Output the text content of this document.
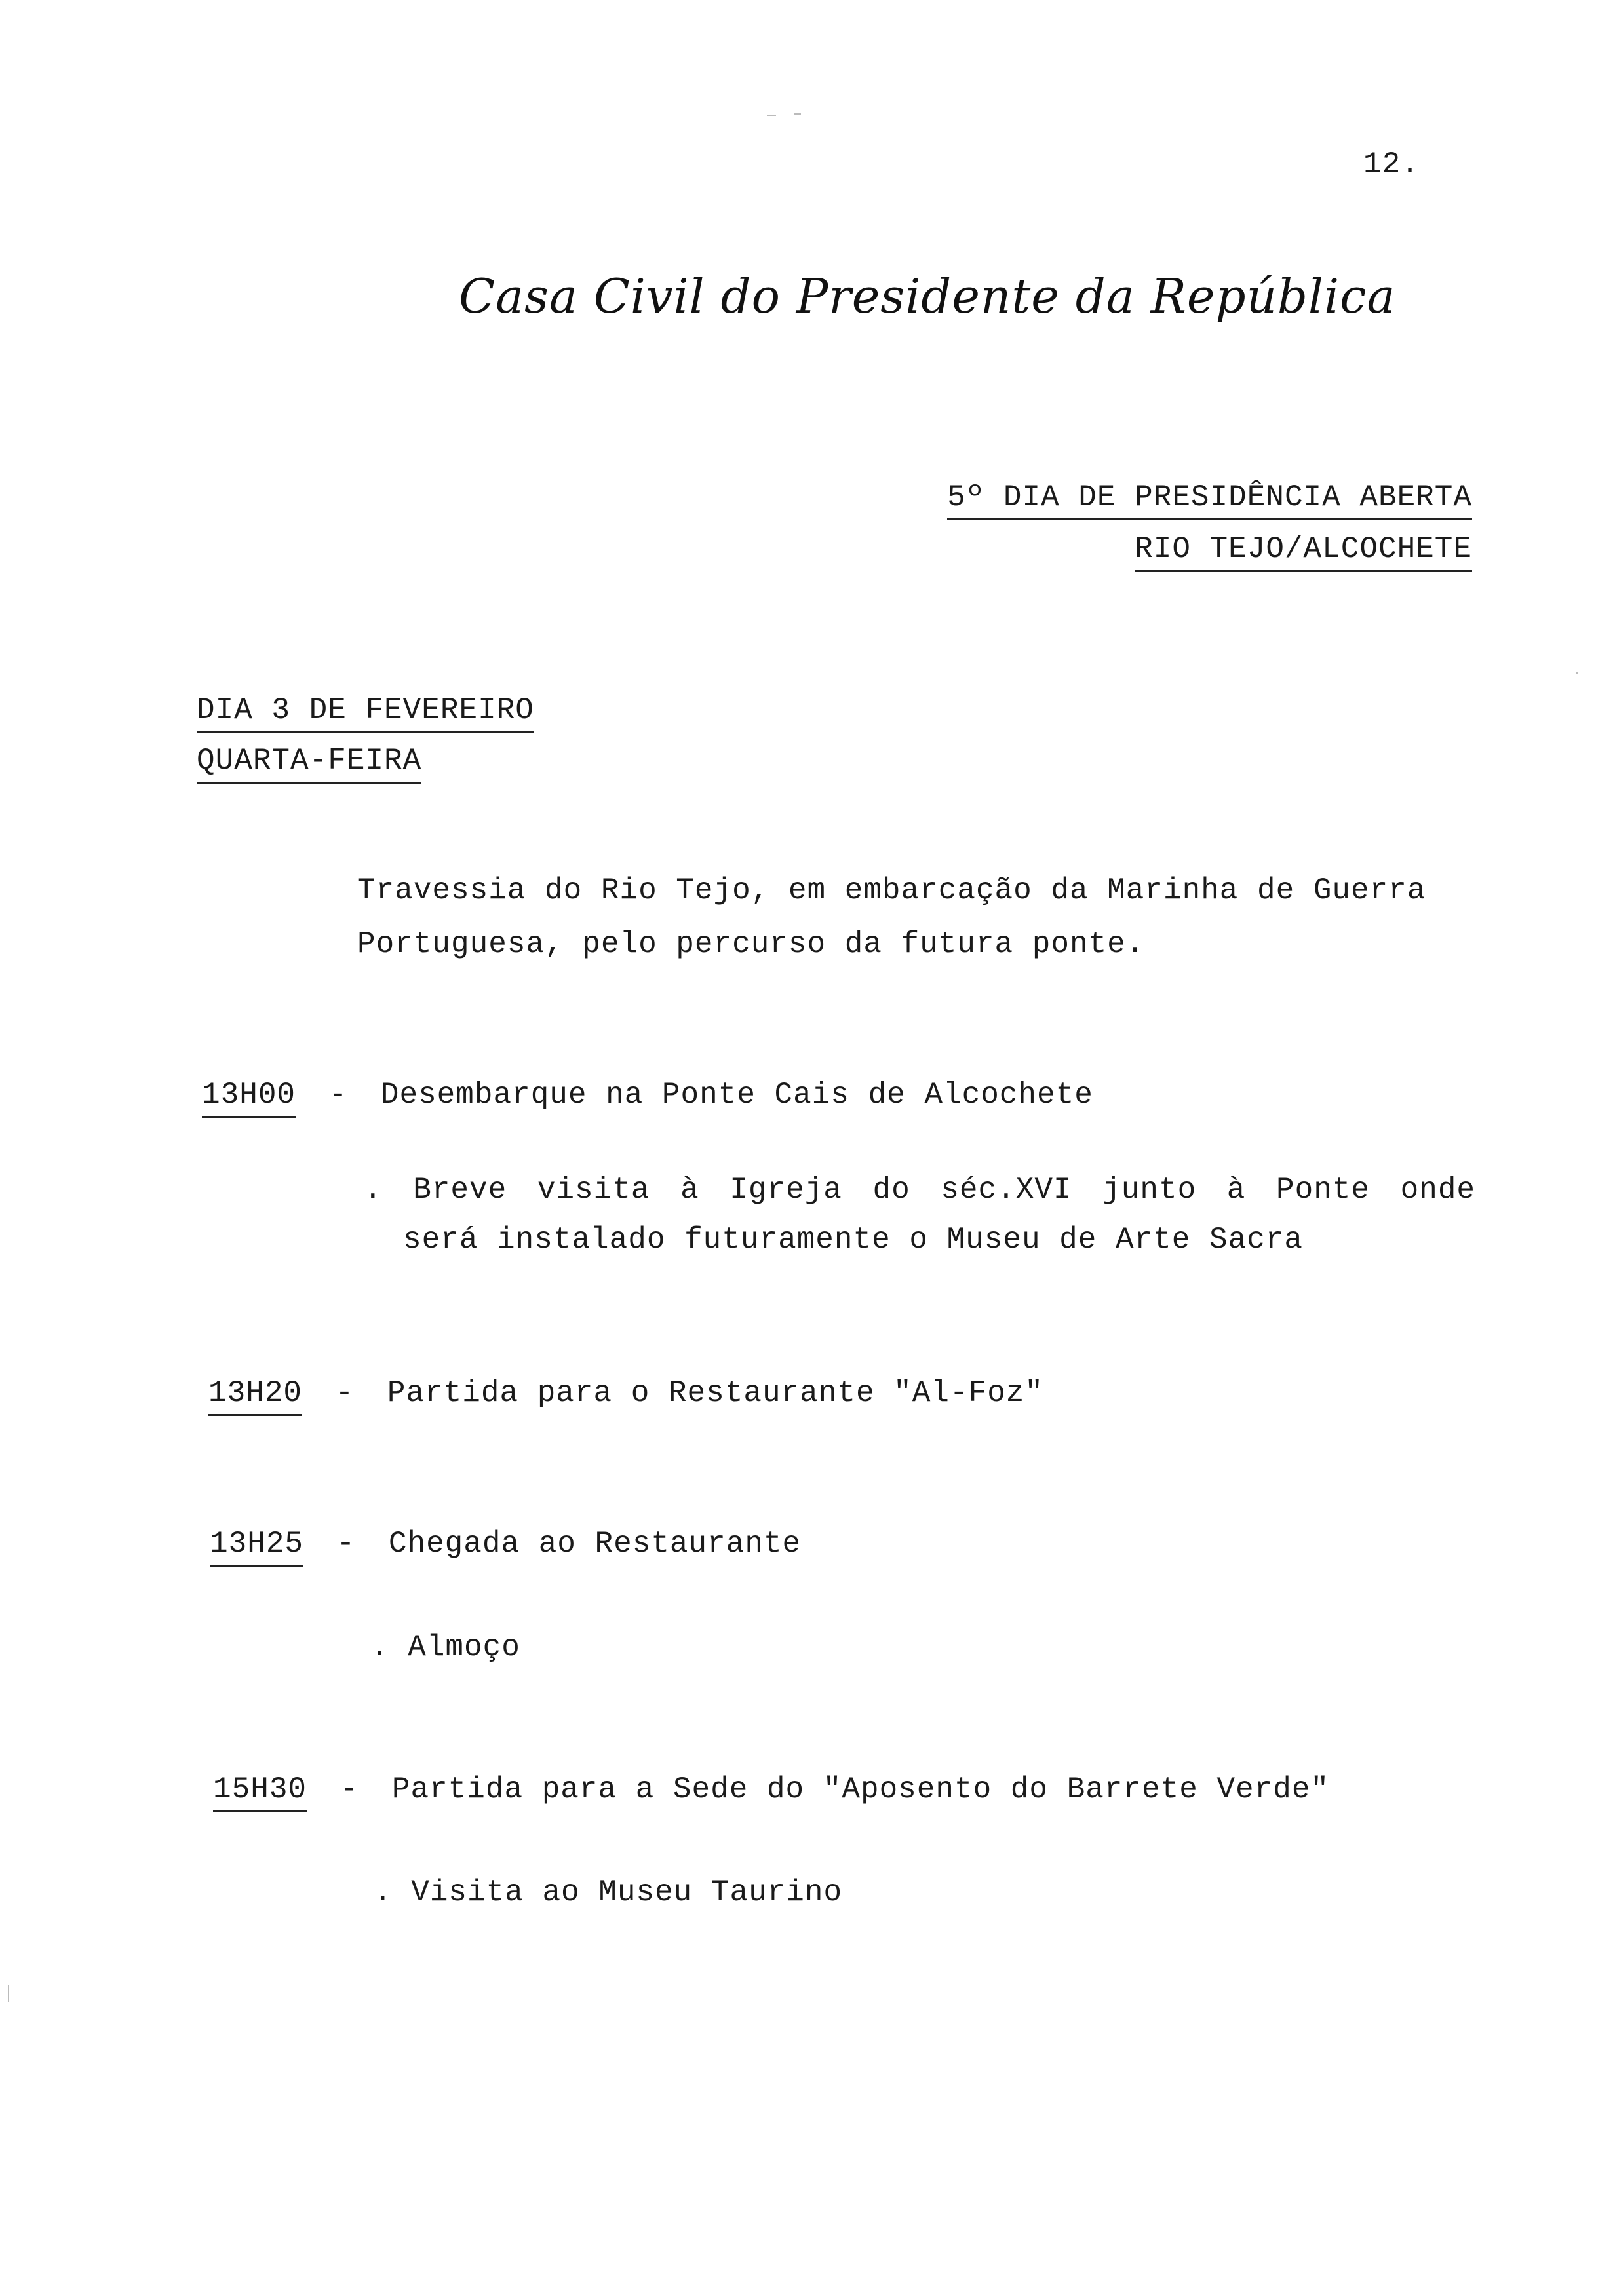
12.
Casa Civil do Presidente da República
5º DIA DE PRESIDÊNCIA ABERTA
RIO TEJO/ALCOCHETE
DIA 3 DE FEVEREIRO
QUARTA-FEIRA
Travessia do Rio Tejo, em embarcação da Marinha de Guerra
Portuguesa, pelo percurso da futura ponte.
13H00 - Desembarque na Ponte Cais de Alcochete
. Breve visita à Igreja do séc.XVI junto à Ponte onde
será instalado futuramente o Museu de Arte Sacra
13H20 - Partida para o Restaurante "Al-Foz"
13H25 - Chegada ao Restaurante
. Almoço
15H30 - Partida para a Sede do "Aposento do Barrete Verde"
. Visita ao Museu Taurino
